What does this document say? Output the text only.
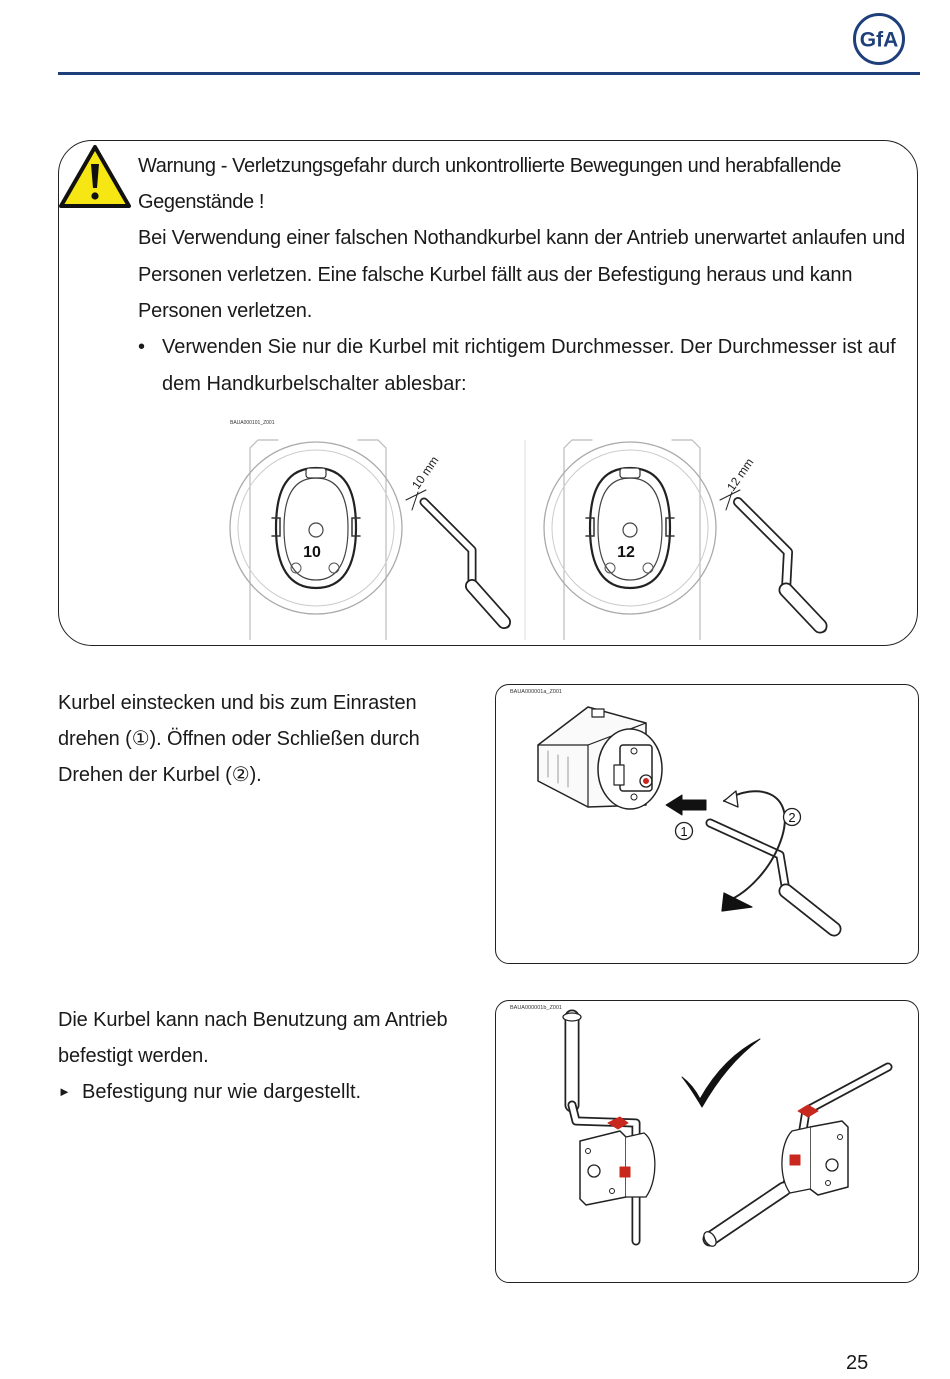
GfA
Warnung - Verletzungsgefahr durch unkontrollierte Bewegungen und herabfallende Gegenstände !
Bei Verwendung einer falschen Nothandkurbel kann der Antrieb unerwartet anlaufen und Personen verletzen. Eine falsche Kurbel fällt aus der Befestigung heraus und kann Personen verletzen.
• Verwenden Sie nur die Kurbel mit richtigem Durchmesser. Der Durchmesser ist auf dem Handkurbelschalter ablesbar:
BAUA000101_Z001
10
10 mm
12
12 mm
Kurbel einstecken und bis zum Einrasten drehen (①). Öffnen oder Schließen durch Drehen der Kurbel (②).
BAUA000001a_Z001
1
2
Die Kurbel kann nach Benutzung am Antrieb befestigt werden.
► Befestigung nur wie dargestellt.
BAUA000001b_Z001
25
